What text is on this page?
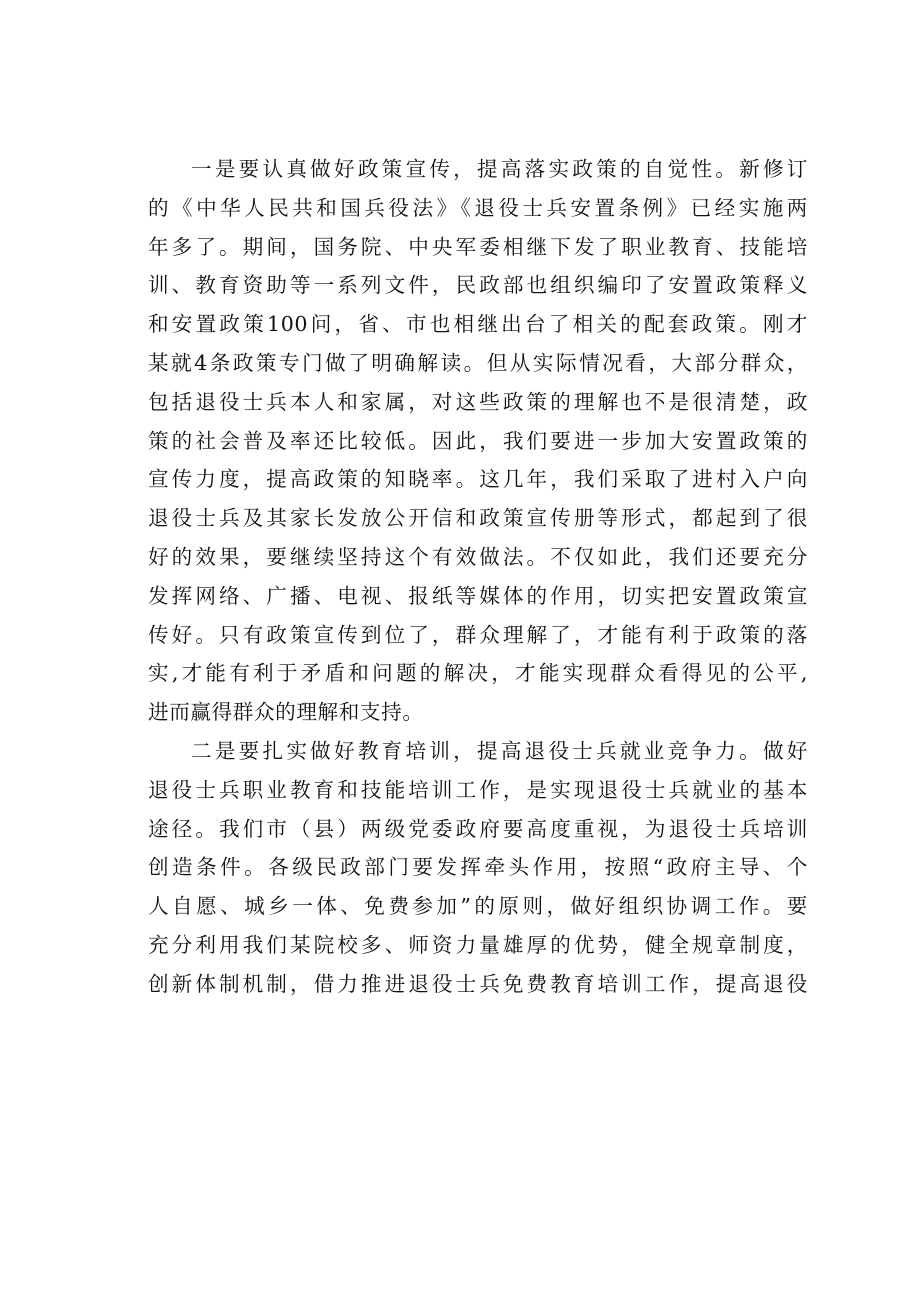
一是要认真做好政策宣传，提高落实政策的自觉性。新修订
的《中华人民共和国兵役法》《退役士兵安置条例》已经实施两
年多了。期间，国务院、中央军委相继下发了职业教育、技能培
训、教育资助等一系列文件，民政部也组织编印了安置政策释义
和安置政策100问，省、市也相继出台了相关的配套政策。刚才
某就4条政策专门做了明确解读。但从实际情况看，大部分群众，
包括退役士兵本人和家属，对这些政策的理解也不是很清楚，政
策的社会普及率还比较低。因此，我们要进一步加大安置政策的
宣传力度，提高政策的知晓率。这几年，我们采取了进村入户向
退役士兵及其家长发放公开信和政策宣传册等形式，都起到了很
好的效果，要继续坚持这个有效做法。不仅如此，我们还要充分
发挥网络、广播、电视、报纸等媒体的作用，切实把安置政策宣
传好。只有政策宣传到位了，群众理解了，才能有利于政策的落
实,才能有利于矛盾和问题的解决，才能实现群众看得见的公平,
进而赢得群众的理解和支持。
二是要扎实做好教育培训，提高退役士兵就业竞争力。做好
退役士兵职业教育和技能培训工作，是实现退役士兵就业的基本
途径。我们市（县）两级党委政府要高度重视，为退役士兵培训
创造条件。各级民政部门要发挥牵头作用，按照“政府主导、个
人自愿、城乡一体、免费参加”的原则，做好组织协调工作。要
充分利用我们某院校多、师资力量雄厚的优势，健全规章制度，
创新体制机制，借力推进退役士兵免费教育培训工作，提高退役
